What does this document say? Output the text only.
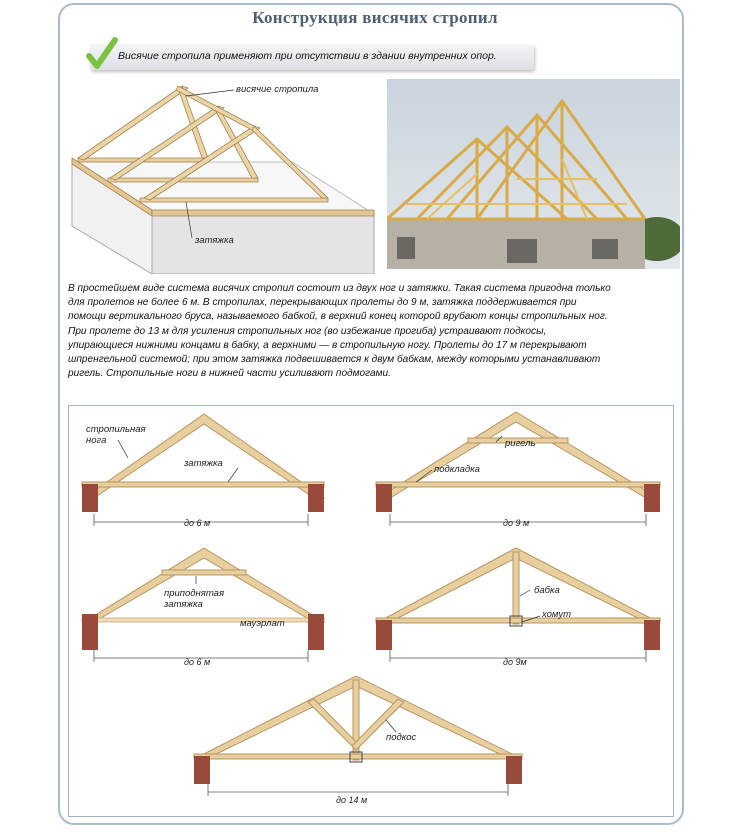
Конструкция висячих стропил
Висячие стропила применяют при отсутствии в здании внутренних опор.
висячие стропила
затяжка
В простейшем виде система висячих стропил состоит из двух ног и затяжки. Такая система пригодна только
для пролетов не более 6 м. В стропилах, перекрывающих пролеты до 9 м, затяжка поддерживается при
помощи вертикального бруса, называемого бабкой, в верхний конец которой врубают концы стропильных ног.
При пролете до 13 м для усиления стропильных ног (во избежание прогиба) устраивают подкосы,
упирающиеся нижними концами в бабку, а верхними — в стропильную ногу. Пролеты до 17 м перекрывают
шпренгельной системой; при этом затяжка подвешивается к двум бабкам, между которыми устанавливают
ригель. Стропильные ноги в нижней части усиливают подмогами.
стропильная
нога
затяжка
до 6 м
ригель
подкладка
до 9 м
приподнятая
затяжка
мауэрлат
до 6 м
бабка
хомут
до 9м
подкос
до 14 м
